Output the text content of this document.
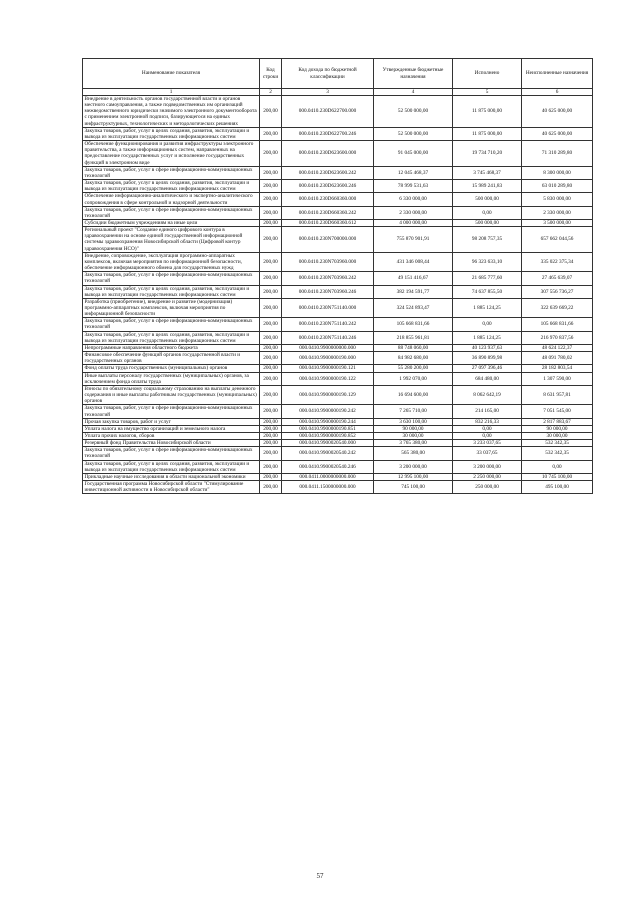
Наименование показателя	Код строки	Код дохода по бюджетной классификации	Утвержденные бюджетные назначения	Исполнено	Неисполненные назначения
1	2	3	4	5	6
Внедрение в деятельность органов государственной власти и органов местного самоуправления, а также подведомственных им организаций межведомственного юридически значимого электронного документооборота с применением электронной подписи, базирующегося на единых инфраструктурных, технологических и методологических решениях	200,00	000.0410.230D622700.000	52 500 000,00	11 875 000,00	40 625 000,00
Закупка товаров, работ, услуг в целях создания, развития, эксплуатации и вывода из эксплуатации государственных информационных систем	200,00	000.0410.230D622700.246	52 500 000,00	11 875 000,00	40 625 000,00
Обеспечение функционирования и развития инфраструктуры электронного правительства, а также информационных систем, направленных на предоставление государственных услуг и исполнение государственных функций в электронном виде	200,00	000.0410.230D623600.000	91 045 000,00	19 734 710,20	71 310 289,80
Закупка товаров, работ, услуг в сфере информационно-коммуникационных технологий	200,00	000.0410.230D623600.242	12 045 468,37	3 745 468,37	8 300 000,00
Закупка товаров, работ, услуг в целях создания, развития, эксплуатации и вывода из эксплуатации государственных информационных систем	200,00	000.0410.230D623600.246	78 999 531,63	15 989 241,83	63 010 289,80
Обеспечение информационно-аналитического и экспертно-аналитического сопровождения в сфере контрольной и надзорной деятельности	200,00	000.0410.230D660360.000	6 330 000,00	500 000,00	5 830 000,00
Закупка товаров, работ, услуг в сфере информационно-коммуникационных технологий	200,00	000.0410.230D660360.242	2 330 000,00	0,00	2 330 000,00
Субсидии бюджетным учреждениям на иные цели	200,00	000.0410.230D660360.612	4 000 000,00	500 000,00	3 500 000,00
Региональный проект "Создание единого цифрового контура в здравоохранении на основе единой государственной информационной системы здравоохранения Новосибирской области (Цифровой контур здравоохранения НСО)"	200,00	000.0410.230N700000.000	755 870 901,91	98 208 757,35	657 662 044,56
Внедрение, сопровождение, эксплуатация программно-аппаратных комплексов, включая мероприятия по информационной безопасности, обеспечение информационного обмена для государственных нужд	200,00	000.0410.230N703960.000	431 346 008,44	96 323 633,10	335 022 375,34
Закупка товаров, работ, услуг в сфере информационно-коммуникационных технологий	200,00	000.0410.230N703960.242	49 151 416,67	21 685 777,60	27 465 639,07
Закупка товаров, работ, услуг в целях создания, развития, эксплуатации и вывода из эксплуатации государственных информационных систем	200,00	000.0410.230N703960.246	382 194 591,77	74 637 855,50	307 556 736,27
Разработка (приобретение), внедрение и развитие (модернизация) программно-аппаратных комплексов, включая мероприятия по информационной безопасности	200,00	000.0410.230N751140.000	324 524 893,47	1 885 124,25	322 639 669,22
Закупка товаров, работ, услуг в сфере информационно-коммуникационных технологий	200,00	000.0410.230N751140.242	105 668 831,66	0,00	105 668 831,66
Закупка товаров, работ, услуг в целях создания, развития, эксплуатации и вывода из эксплуатации государственных информационных систем	200,00	000.0410.230N751140.246	218 855 961,81	1 885 124,25	216 970 837,56
Непрограммные направления областного бюджета	200,00	000.0410.9900000000.000	88 748 060,00	40 123 937,63	48 624 122,37
Финансовое обеспечение функций органов государственной власти и государственных органов	200,00	000.0410.9900000190.000	84 982 680,00	36 890 899,98	48 091 780,02
Фонд оплаты труда государственных (муниципальных) органов	200,00	000.0410.9900000190.121	55 280 200,00	27 097 396,46	28 182 803,54
Иные выплаты персоналу государственных (муниципальных) органов, за исключением фонда оплаты труда	200,00	000.0410.9900000190.122	1 992 070,00	684 480,00	1 307 590,00
Взносы по обязательному социальному страхованию на выплаты денежного содержания и иные выплаты работникам государственных (муниципальных) органов	200,00	000.0410.9900000190.129	16 694 600,00	8 062 642,19	8 631 957,81
Закупка товаров, работ, услуг в сфере информационно-коммуникационных технологий	200,00	000.0410.9900000190.242	7 265 710,00	214 165,00	7 051 545,00
Прочая закупка товаров, работ и услуг	200,00	000.0410.9900000190.244	3 630 100,00	832 216,33	2 817 883,67
Уплата налога на имущество организаций и земельного налога	200,00	000.0410.9900000190.851	90 000,00	0,00	90 000,00
Уплата прочих налогов, сборов	200,00	000.0410.9900000190.852	30 000,00	0,00	30 000,00
Резервный фонд Правительства Новосибирской области	200,00	000.0410.9900020540.000	3 765 380,00	3 233 037,65	532 342,35
Закупка товаров, работ, услуг в сфере информационно-коммуникационных технологий	200,00	000.0410.9900020540.242	565 380,00	33 037,65	532 342,35
Закупка товаров, работ, услуг в целях создания, развития, эксплуатации и вывода из эксплуатации государственных информационных систем	200,00	000.0410.9900020540.246	3 200 000,00	3 200 000,00	0,00
Прикладные научные исследования в области национальной экономики	200,00	000.0411.0000000000.000	12 995 100,00	2 250 000,00	10 745 100,00
Государственная программа Новосибирской области "Стимулирование инвестиционной активности в Новосибирской области"	200,00	000.0411.1500000000.000	745 100,00	250 000,00	495 100,00
57
